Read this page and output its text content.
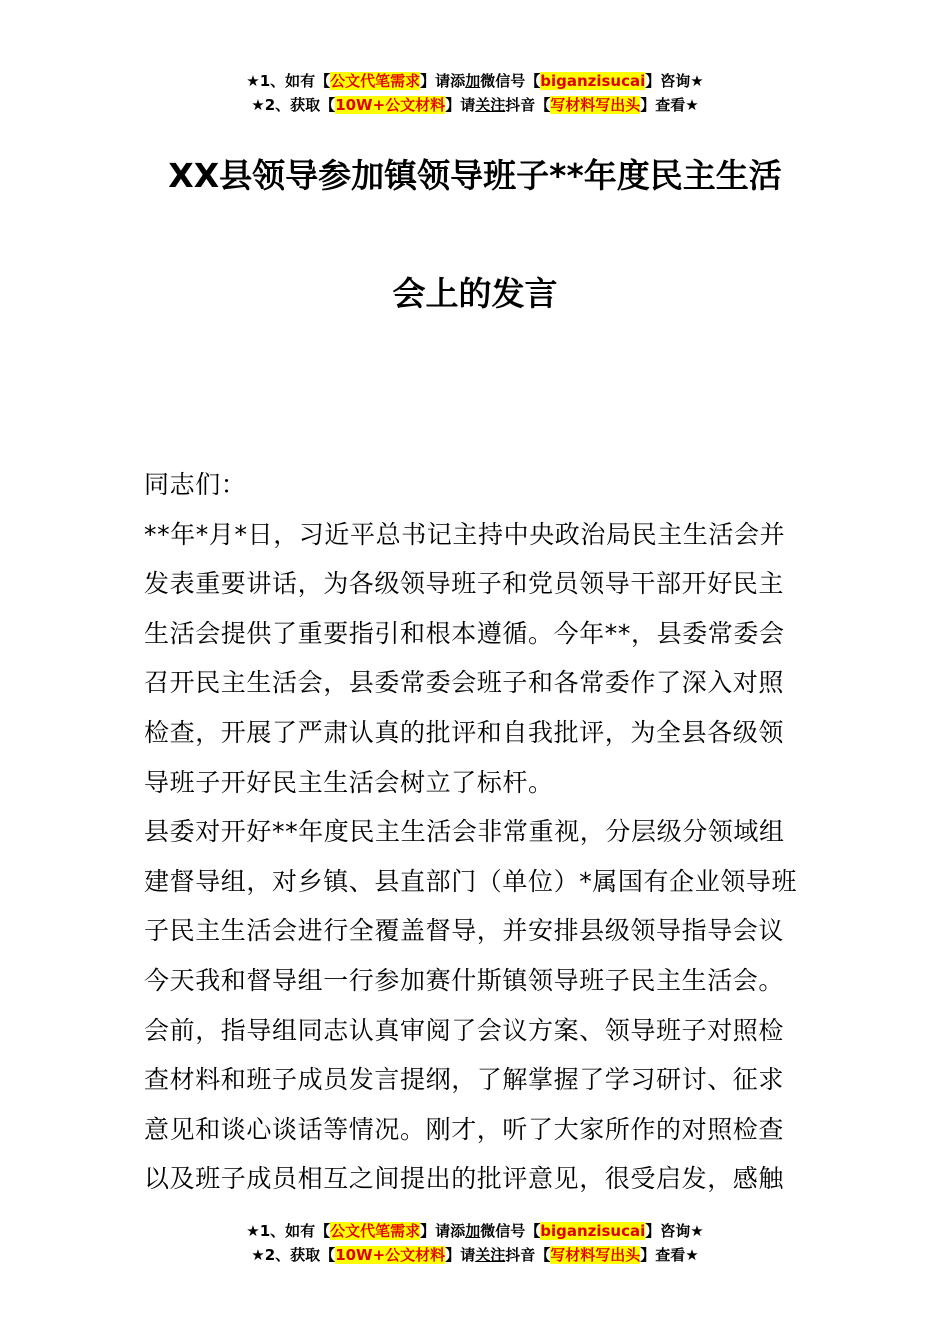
★1、如有【公文代笔需求】请添加微信号【biganzisucai】咨询★
★2、获取【10W+公文材料】请关注抖音【写材料写出头】查看★
XX县领导参加镇领导班子**年度民主生活
会上的发言
同志们：
**年*月*日，习近平总书记主持中央政治局民主生活会并
发表重要讲话，为各级领导班子和党员领导干部开好民主
生活会提供了重要指引和根本遵循。今年**，县委常委会
召开民主生活会，县委常委会班子和各常委作了深入对照
检查，开展了严肃认真的批评和自我批评，为全县各级领
导班子开好民主生活会树立了标杆。
县委对开好**年度民主生活会非常重视，分层级分领域组
建督导组，对乡镇、县直部门（单位）*属国有企业领导班
子民主生活会进行全覆盖督导，并安排县级领导指导会议
今天我和督导组一行参加赛什斯镇领导班子民主生活会。
会前，指导组同志认真审阅了会议方案、领导班子对照检
查材料和班子成员发言提纲，了解掌握了学习研讨、征求
意见和谈心谈话等情况。刚才，听了大家所作的对照检查
以及班子成员相互之间提出的批评意见，很受启发，感触
★1、如有【公文代笔需求】请添加微信号【biganzisucai】咨询★
★2、获取【10W+公文材料】请关注抖音【写材料写出头】查看★
